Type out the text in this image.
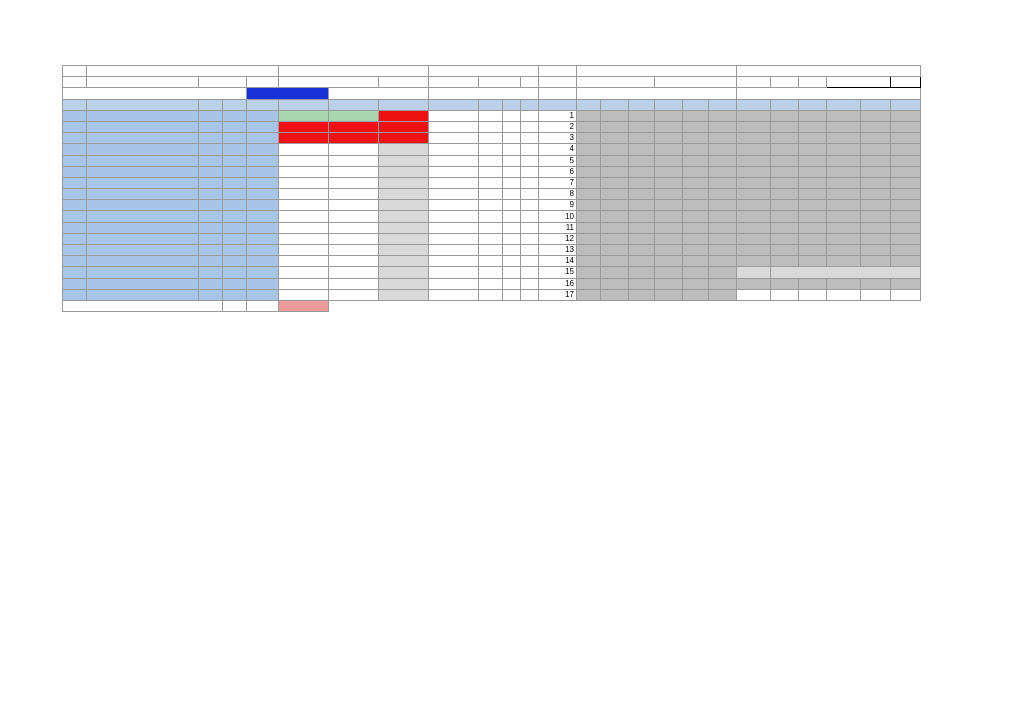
												1												
												2												
												3												
												4												
												5												
												6												
												7												
												8												
												9												
												10												
												11												
												12												
												13												
												14												
												15												
												16												
												17												
